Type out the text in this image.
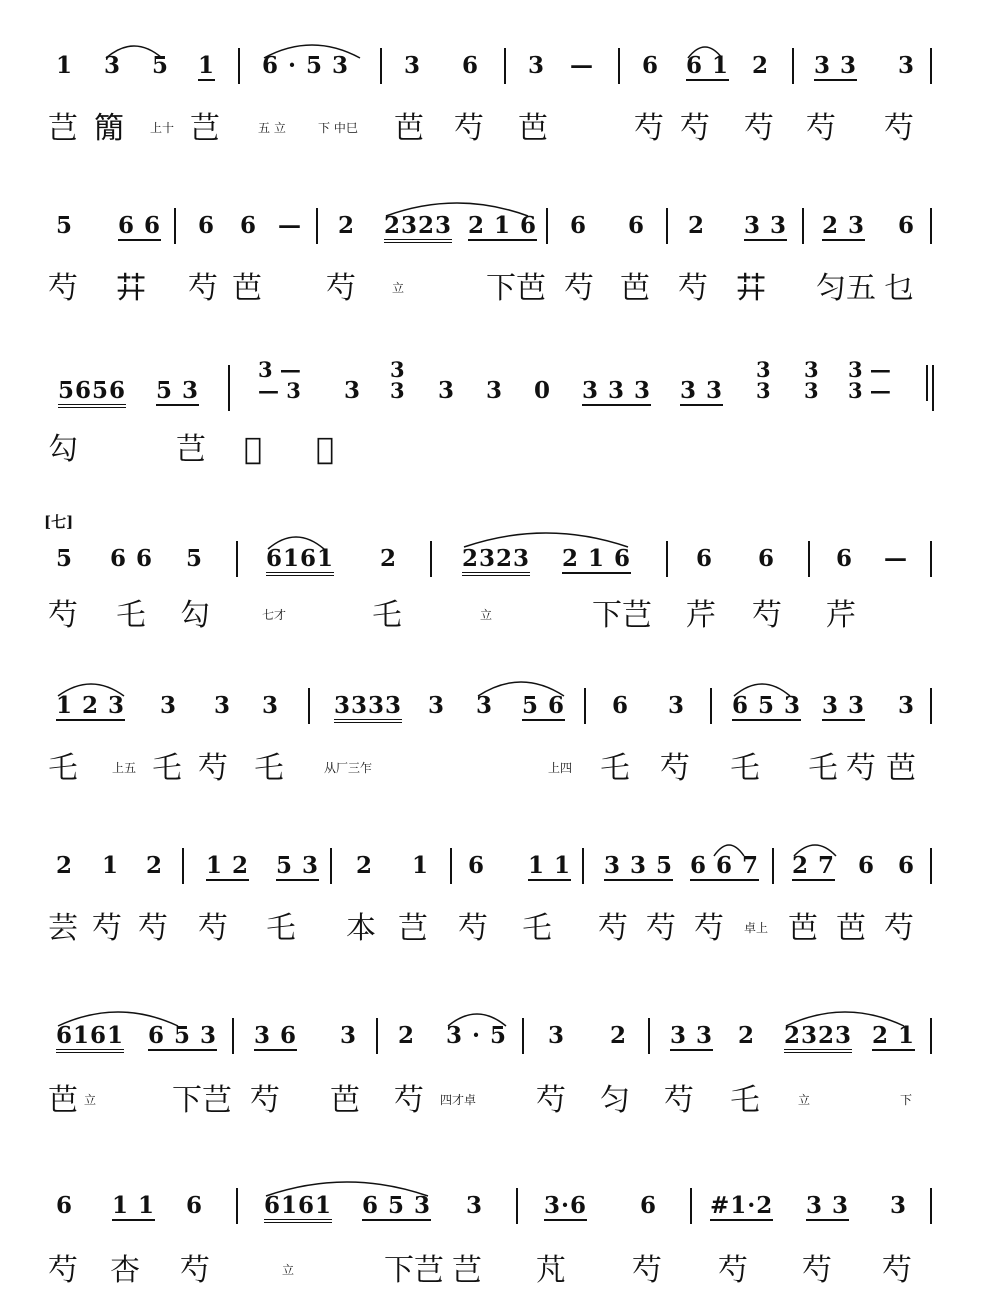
1 3 5 1 6 · 5 3 3 6 3 — 6 6 1 2 3 3 3
芑 𥳑 上十 芑	五 立	下 中巳 芭 芍 芭	芍 芍 芍 芍 芍
5 6 6 6 6 — 2 2323 2 1 6 6 6 2 3 3 2 3 6
芍 𦬇 芍 芭 芍	立	下芭 芍 芭 芍 𦬇 匀五 乜
5656 5 3
3 —
— 3 3
3
3 3 3 0 3 3 3 3 3
3
3
3
3
3 —
3 —
勾	芑 𦫵 𦫵
[七]
5 6 6 5	6161 2	2323 2 1 6	6 6	6 —
芍 乇 勾	七才	乇	立	下芑 芹 芍 芹
1 2 3 3 3 3 3333 3 3 5 6 6 3 6 5 3 3 3 3
乇	上五 乇 芍 乇	从厂三乍	上四 乇 芍 乇 乇 芍 芭
2 1 2 1 2 5 3 2 1 6 1 1 3 3 5 6 6 7 2 7 6 6
芸 芍 芍 芍 乇 本 芑 芍 乇 芍 芍 芍 卓上 芭 芭 芍
6161 6 5 3 3 6 3 2 3 · 5 3 2 3 3 2 2323 2 1
芭 立	下芑 芍 芭 芍 四才卓 芍 匀 芍 乇	立	下
6 1 1 6	6161 6 5 3 3	3·6 6 #1·2 3 3 3
芍 杏 芍	立	下芑 芑 芃 芍 芍 芍 芍
